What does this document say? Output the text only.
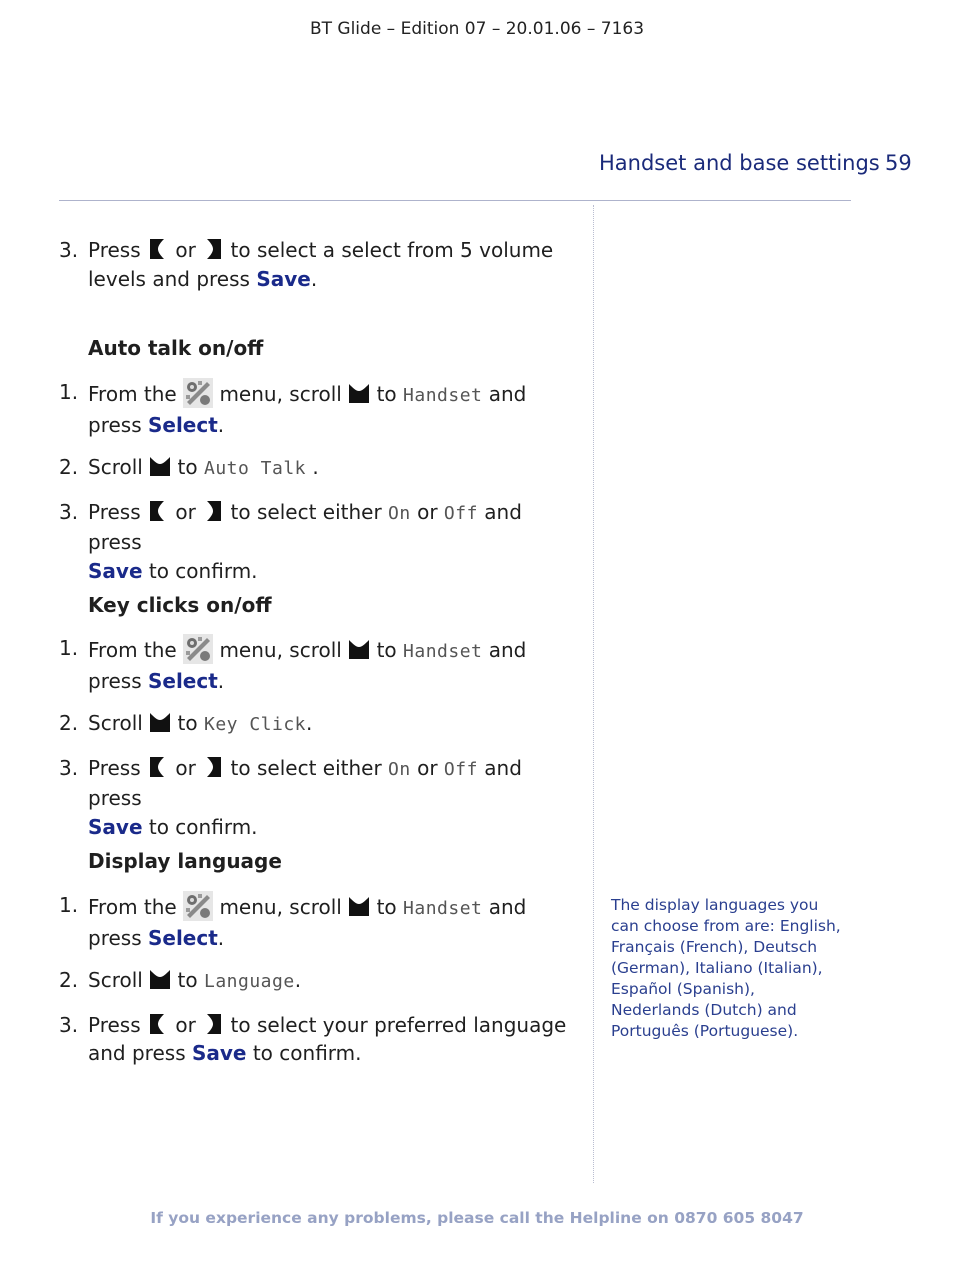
BT Glide – Edition 07 – 20.01.06 – 7163
Handset and base settings 59
3. Press or to select a select from 5 volume
levels and press Save.
Auto talk on/off
1. From the menu, scroll to Handset and
press Select.
2. Scroll to Auto Talk .
3. Press or to select either On or Off and press
Save to confirm.
Key clicks on/off
1. From the menu, scroll to Handset and
press Select.
2. Scroll to Key Click.
3. Press or to select either On or Off and press
Save to confirm.
Display language
1. From the menu, scroll to Handset and
press Select.
2. Scroll to Language.
3. Press or to select your preferred language
and press Save to confirm.
The display languages you can choose from are: English, Français (French), Deutsch (German), Italiano (Italian), Español (Spanish), Nederlands (Dutch) and Português (Portuguese).
If you experience any problems, please call the Helpline on 0870 605 8047
